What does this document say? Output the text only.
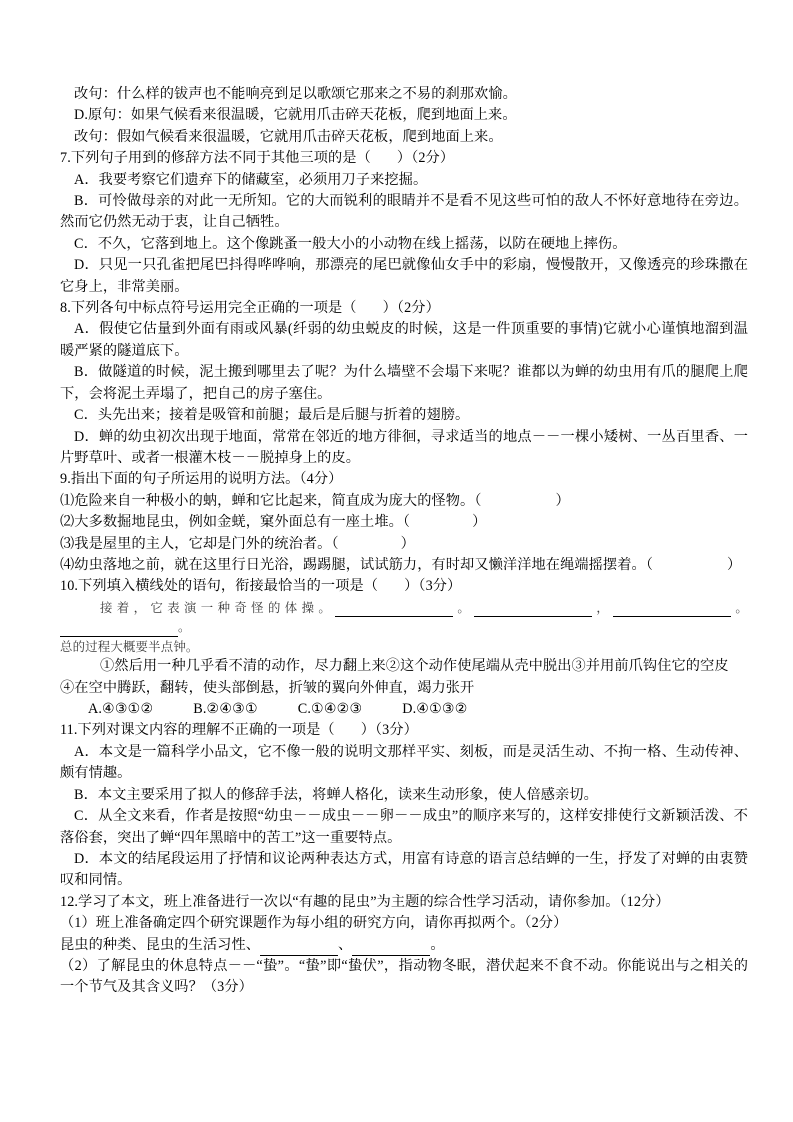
改句：什么样的钹声也不能响亮到足以歌颂它那来之不易的刹那欢愉。
D.原句：如果气候看来很温暖，它就用爪击碎天花板，爬到地面上来。
改句：假如气候看来很温暖，它就用爪击碎天花板，爬到地面上来。
7.下列句子用到的修辞方法不同于其他三项的是（ ）（2分）
A．我要考察它们遗弃下的储藏室，必须用刀子来挖掘。
B．可怜做母亲的对此一无所知。它的大而锐利的眼睛并不是看不见这些可怕的敌人不怀好意地待在旁边。然而它仍然无动于衷，让自己牺牲。
C．不久，它落到地上。这个像跳蚤一般大小的小动物在线上摇荡，以防在硬地上摔伤。
D．只见一只孔雀把尾巴抖得哗哗响，那漂亮的尾巴就像仙女手中的彩扇，慢慢散开，又像透亮的珍珠撒在它身上，非常美丽。
8.下列各句中标点符号运用完全正确的一项是（ ）（2分）
A．假使它估量到外面有雨或风暴(纤弱的幼虫蜕皮的时候，这是一件顶重要的事情)它就小心谨慎地溜到温暖严紧的隧道底下。
B．做隧道的时候，泥土搬到哪里去了呢？为什么墙壁不会塌下来呢？谁都以为蝉的幼虫用有爪的腿爬上爬下，会将泥土弄塌了，把自己的房子塞住。
C．头先出来；接着是吸管和前腿；最后是后腿与折着的翅膀。
D．蝉的幼虫初次出现于地面，常常在邻近的地方徘徊，寻求适当的地点－－一棵小矮树、一丛百里香、一片野草叶、或者一根灌木枝－－脱掉身上的皮。
9.指出下面的句子所运用的说明方法。（4分）
⑴危险来自一种极小的蚋，蝉和它比起来，简直成为庞大的怪物。（	）
⑵大多数掘地昆虫，例如金蜣，窠外面总有一座土堆。（	）
⑶我是屋里的主人，它却是门外的统治者。（	）
⑷幼虫落地之前，就在这里行日光浴，踢踢腿，试试筋力，有时却又懒洋洋地在绳端摇摆着。（	）
10.下列填入横线处的语句，衔接最恰当的一项是（ ）（3分）
接着，它表演一种奇怪的体操。	。	，	。。
总的过程大概要半点钟。
①然后用一种几乎看不清的动作，尽力翻上来②这个动作使尾端从壳中脱出③并用前爪钩住它的空皮
④在空中腾跃，翻转，使头部倒悬，折皱的翼向外伸直，竭力张开
A.④③①②	B.②④③①	C.①④②③	D.④①③②
11.下列对课文内容的理解不正确的一项是（ ）（3分）
A．本文是一篇科学小品文，它不像一般的说明文那样平实、刻板，而是灵活生动、不拘一格、生动传神、颇有情趣。
B．本文主要采用了拟人的修辞手法，将蝉人格化，读来生动形象，使人倍感亲切。
C．从全文来看，作者是按照“幼虫－－成虫－－卵－－成虫”的顺序来写的，这样安排使行文新颖活泼、不落俗套，突出了蝉“四年黑暗中的苦工”这一重要特点。
D．本文的结尾段运用了抒情和议论两种表达方式，用富有诗意的语言总结蝉的一生，抒发了对蝉的由衷赞叹和同情。
12.学习了本文，班上准备进行一次以“有趣的昆虫”为主题的综合性学习活动，请你参加。（12分）
（1）班上准备确定四个研究课题作为每小组的研究方向，请你再拟两个。（2分）
昆虫的种类、昆虫的生活习性、	、	。
（2）了解昆虫的休息特点－－“蛰”。“蛰”即“蛰伏”，指动物冬眠，潜伏起来不食不动。你能说出与之相关的一个节气及其含义吗？（3分）
